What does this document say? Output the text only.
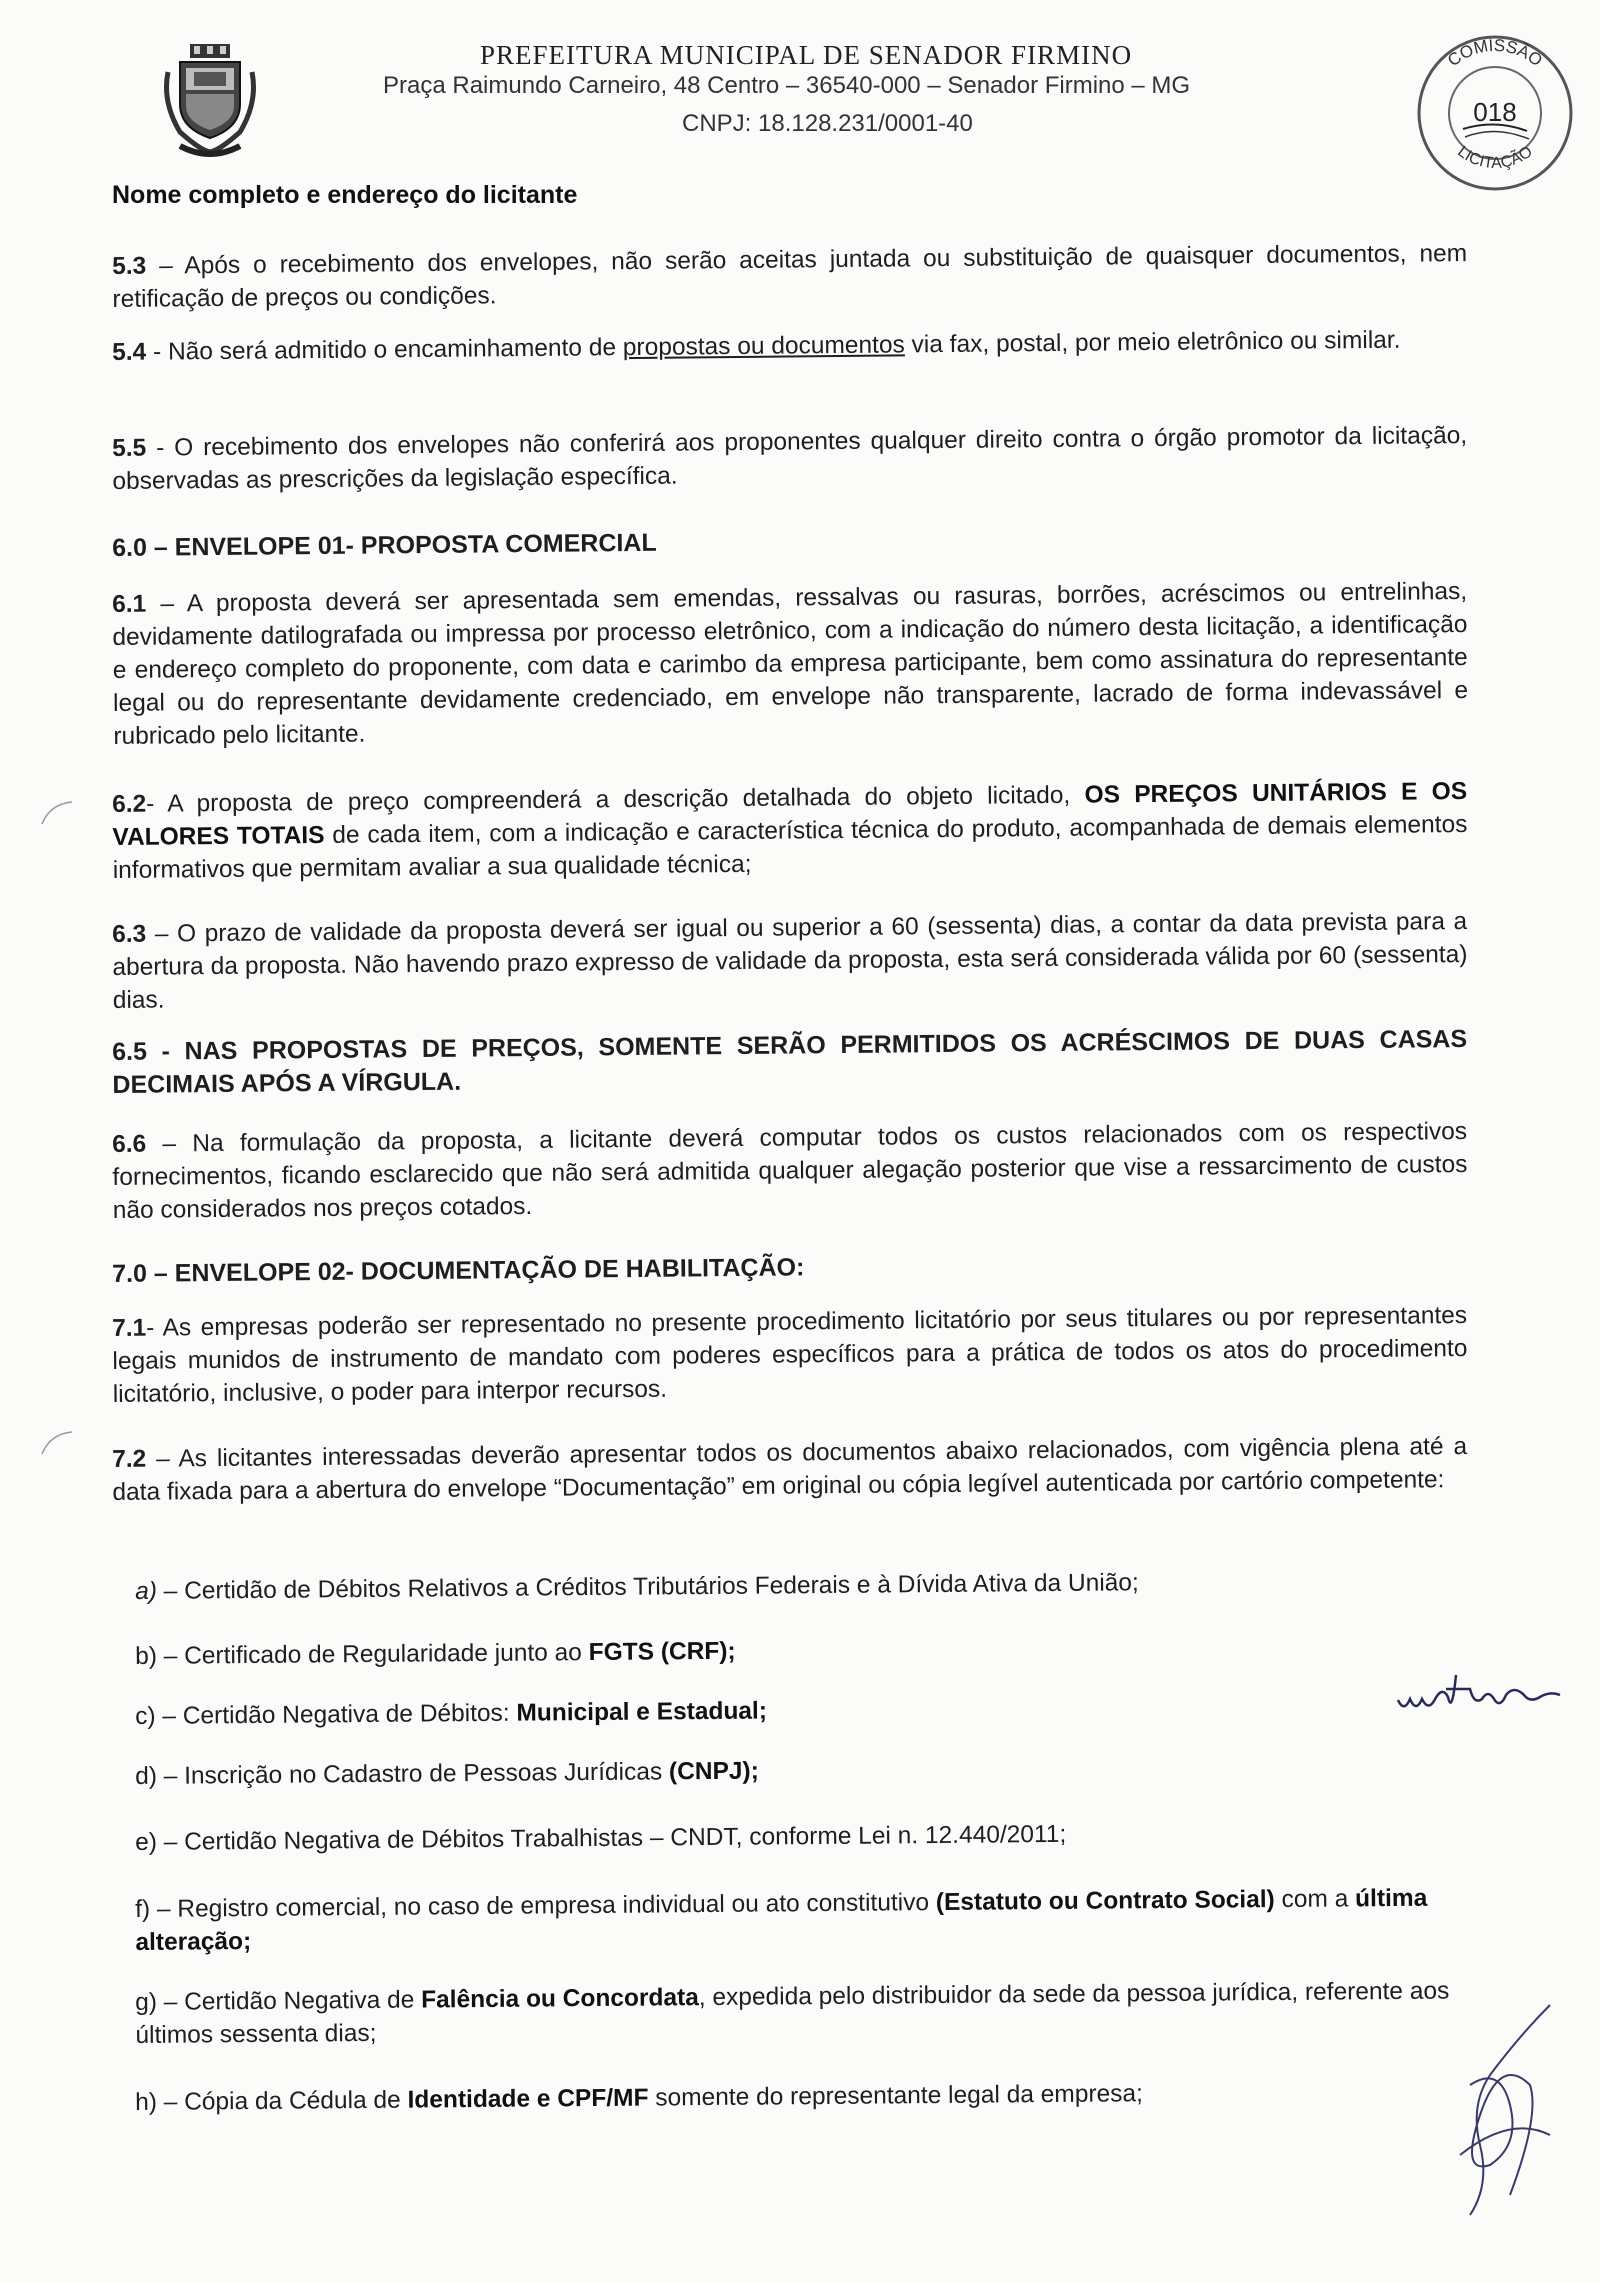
PREFEITURA MUNICIPAL DE SENADOR FIRMINO
Praça Raimundo Carneiro, 48 Centro – 36540-000 – Senador Firmino – MG
CNPJ: 18.128.231/0001-40
COMISSÃO
LICITAÇÃO
018
Nome completo e endereço do licitante
5.3 – Após o recebimento dos envelopes, não serão aceitas juntada ou substituição de quaisquer documentos, nem retificação de preços ou condições.
5.4 - Não será admitido o encaminhamento de propostas ou documentos via fax, postal, por meio eletrônico ou similar.
5.5 - O recebimento dos envelopes não conferirá aos proponentes qualquer direito contra o órgão promotor da licitação, observadas as prescrições da legislação específica.
6.0 – ENVELOPE 01- PROPOSTA COMERCIAL
6.1 – A proposta deverá ser apresentada sem emendas, ressalvas ou rasuras, borrões, acréscimos ou entrelinhas, devidamente datilografada ou impressa por processo eletrônico, com a indicação do número desta licitação, a identificação e endereço completo do proponente, com data e carimbo da empresa participante, bem como assinatura do representante legal ou do representante devidamente credenciado, em envelope não transparente, lacrado de forma indevassável e rubricado pelo licitante.
6.2- A proposta de preço compreenderá a descrição detalhada do objeto licitado, OS PREÇOS UNITÁRIOS E OS VALORES TOTAIS de cada item, com a indicação e característica técnica do produto, acompanhada de demais elementos informativos que permitam avaliar a sua qualidade técnica;
6.3 – O prazo de validade da proposta deverá ser igual ou superior a 60 (sessenta) dias, a contar da data prevista para a abertura da proposta. Não havendo prazo expresso de validade da proposta, esta será considerada válida por 60 (sessenta) dias.
6.5 - NAS PROPOSTAS DE PREÇOS, SOMENTE SERÃO PERMITIDOS OS ACRÉSCIMOS DE DUAS CASAS DECIMAIS APÓS A VÍRGULA.
6.6 – Na formulação da proposta, a licitante deverá computar todos os custos relacionados com os respectivos fornecimentos, ficando esclarecido que não será admitida qualquer alegação posterior que vise a ressarcimento de custos não considerados nos preços cotados.
7.0 – ENVELOPE 02- DOCUMENTAÇÃO DE HABILITAÇÃO:
7.1- As empresas poderão ser representado no presente procedimento licitatório por seus titulares ou por representantes legais munidos de instrumento de mandato com poderes específicos para a prática de todos os atos do procedimento licitatório, inclusive, o poder para interpor recursos.
7.2 – As licitantes interessadas deverão apresentar todos os documentos abaixo relacionados, com vigência plena até a data fixada para a abertura do envelope “Documentação” em original ou cópia legível autenticada por cartório competente:
a) – Certidão de Débitos Relativos a Créditos Tributários Federais e à Dívida Ativa da União;
b) – Certificado de Regularidade junto ao FGTS (CRF);
c) – Certidão Negativa de Débitos: Municipal e Estadual;
d) – Inscrição no Cadastro de Pessoas Jurídicas (CNPJ);
e) – Certidão Negativa de Débitos Trabalhistas – CNDT, conforme Lei n. 12.440/2011;
f) – Registro comercial, no caso de empresa individual ou ato constitutivo (Estatuto ou Contrato Social) com a última alteração;
g) – Certidão Negativa de Falência ou Concordata, expedida pelo distribuidor da sede da pessoa jurídica, referente aos últimos sessenta dias;
h) – Cópia da Cédula de Identidade e CPF/MF somente do representante legal da empresa;
